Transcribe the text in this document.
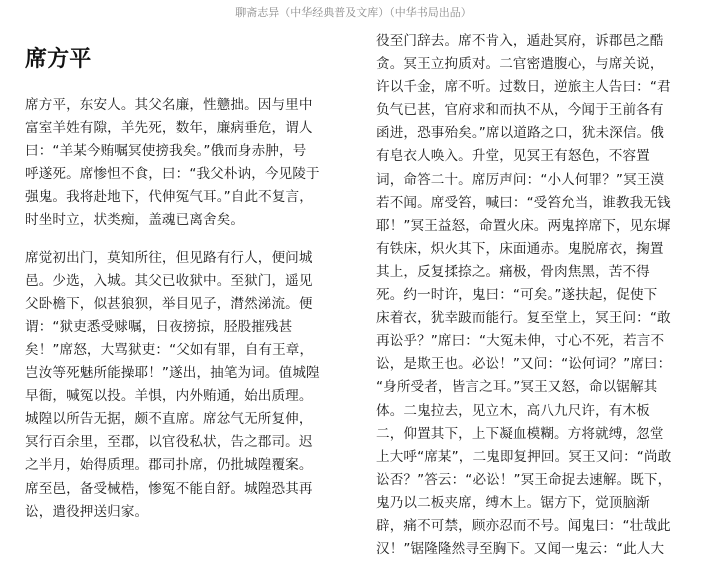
聊斋志异（中华经典普及文库）（中华书局出品）
席方平
席方平，东安人。其父名廉，性戆拙。因与里中
富室羊姓有隙，羊先死，数年，廉病垂危，谓人
曰：“羊某今贿嘱冥使搒我矣。”俄而身赤肿，号
呼遂死。席惨怛不食，曰：“我父朴讷，今见陵于
强鬼。我将赴地下，代伸冤气耳。”自此不复言，
时坐时立，状类痴，盖魂已离舍矣。
席觉初出门，莫知所往，但见路有行人，便问城
邑。少选，入城。其父已收狱中。至狱门，遥见
父卧檐下，似甚狼狈，举目见子，潸然涕流。便
谓：“狱吏悉受赇嘱，日夜搒掠，胫股摧残甚
矣！”席怒，大骂狱吏：“父如有罪，自有王章，
岂汝等死魅所能操耶！”遂出，抽笔为词。值城隍
早衙，喊冤以投。羊惧，内外贿通，始出质理。
城隍以所告无据，颇不直席。席忿气无所复伸，
冥行百余里，至郡，以官役私状，告之郡司。迟
之半月，始得质理。郡司扑席，仍批城隍覆案。
席至邑，备受械梏，惨冤不能自舒。城隍恐其再
讼，遣役押送归家。
役至门辞去。席不肯入，遁赴冥府，诉郡邑之酷
贪。冥王立拘质对。二官密遣腹心，与席关说，
许以千金，席不听。过数日，逆旅主人告曰：“君
负气已甚，官府求和而执不从，今闻于王前各有
函进，恐事殆矣。”席以道路之口，犹未深信。俄
有皂衣人唤入。升堂，见冥王有怒色，不容置
词，命答二十。席厉声问：“小人何罪？”冥王漠
若不闻。席受笞，喊曰：“受笞允当，谁教我无钱
耶！”冥王益怒，命置火床。两鬼捽席下，见东墀
有铁床，炽火其下，床面通赤。鬼脱席衣，掬置
其上，反复揉捺之。痛极，骨肉焦黑，苦不得
死。约一时许，鬼曰：“可矣。”遂扶起，促使下
床着衣，犹幸跛而能行。复至堂上，冥王问：“敢
再讼乎？”席曰：“大冤未伸，寸心不死，若言不
讼，是欺王也。必讼！”又问：“讼何词？”席曰：
“身所受者，皆言之耳。”冥王又怒，命以锯解其
体。二鬼拉去，见立木，高八九尺许，有木板
二，仰置其下，上下凝血模糊。方将就缚，忽堂
上大呼“席某”，二鬼即复押回。冥王又问：“尚敢
讼否？”答云：“必讼！”冥王命捉去速解。既下，
鬼乃以二板夹席，缚木上。锯方下，觉顶脑渐
辟，痛不可禁，顾亦忍而不号。闻鬼曰：“壮哉此
汉！”锯隆隆然寻至胸下。又闻一鬼云：“此人大
